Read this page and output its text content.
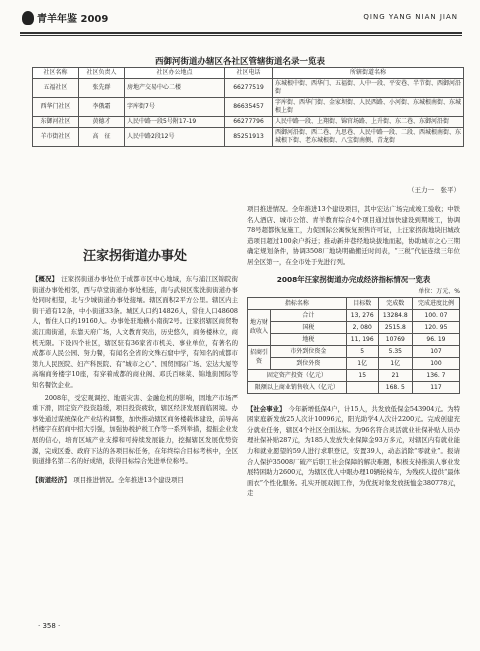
青羊年鉴 2009	QING YANG NIAN JIAN
西御河街道办辖区各社区管辖街道名录一览表
社区名称	社区负责人	社区办公地点	社区电话	所辖街道名称
五福社区	张先群	房地产交易中心二楼	66277519	东城根中街、西华门、五福街、人中一段、平安巷、半节街、西御河沿街
西华门社区	李俄霜	字库街7号	86635457	字库街、西华门街、金家坝街、人民西路、小河街、东城根南街、东城根上街
东御河社区	黄德才	人民中路一段5号附17-19	66277796	人民中路一段、上翔街、锦官场路、上升街、东二巷、东御河沿街
羊市街社区	高　征	人民中路2段12号	85251913	西御河沿街、西二巷、九思巷、人民中路一段、二段、西城根南街、东城根下街、老东城根街、八宝街南侧、青龙街
（王力一　张平）
汪家拐街道办事处

【概况】 汪家拐街道办事处位于成都市区中心地域，东与浦江区锦院街街道办事处相邻，西与草堂街道办事处相连，南与武侯区浆洗街街道办事处同时相望，北与少城街道办事处接壤。辖区面积2平方公里。辖区内主街干道有12条，中小街道33条。城区人口约14826人，常住人口48608人，暂住人口约19160人。办事处驻地横小南街2号。汪家拐辖区商贸物流江南街道，东靠天府广场，人文教育突出，历史悠久，商务楼林立，商机无限。下设四个社区，辖区驻有36家省市机关、事业单位，有著名的成都市人民公园、努力餐，有闻名全省的文殊石窟中学，有知名的成都市第九人民医院、妇产科医院、有“城市之心”、国贸国际广场、宏达大厦等高端商务楼宇10座，有穿着成都的商业阁、邓氏百味菜、锦地街国际等知名餐饮企业。

2008年，受宏观调控、地震灾害、金融危机的影响，固地产市场严重下滑，固定资产投资趋缓，项目投资疲软，辖区经济发展面临困境。办事处通过谋统保化产业结构调整，加快推动辖区商务楼载体建设，前导高档楼宇在招商中招大引强，加强协税护税工作等一系列举措，提振企业发展的信心，培育区域产业支撑和可持续发展能力，挖掘辖区发展优势资源，完成区委、政府下达的各项目标任务，在年终综合目标考核中，全区街道排名第二名的好成绩，获得目标综合先进单位称号。

【街道经济】 项目推进情况。全年推进13个建设项目

项目推进情况。全年推进13个建设项目，其中宏达广场完成竣工验收；中铁名人酒店、城市公馆、青羊教育综合4个项目通过加快建设到期竣工，协调78号超都恢复施工，力促国际公寓恢复预售许可证，上汪家拐街地块旧城改造项目超过100余户拆迁；推动新井巷经地块拔地而起，协助城市之心三期确定规划条件，协调3508厂地块明确搬迁时间表，“三税”代征连续三年位居全区第一，在全市处于先进行列。

2008年汪家拐街道办完成经济指标情况一览表
单位：万元、%
指标名称		目标数	完成数	完成进度比例
地方财政收入	合计	13, 276	13284.8	100. 07
	国税	2, 080	2515.8	120. 95
	地税	11, 196	10769	96. 19
招商引资	市外到位资金	5	5.35	107
	到位外资	1亿	1亿	100
固定资产投资（亿元）		15	21	136. 7
限额以上商业销售收入（亿元）			168. 5	117

【社会事业】 今年新增低保4户，计15人，共发放低保金543904元。为特困家庭新发放25人次计10096元，阳光助学4人次计2200元。完成创建充分就业任务，辖区4个社区全面达标。为96名符合灵活就业社保补贴人员办理社保补贴287元，为185人发放失业保障金93万多元，对辖区内有就业能力和就业愿望的59人进行求职登记，安置39人，动态消除“零就业”。报请合人保护35008厂破产后职工社会保障的解决难题，积极支持推演人事业发展特困助力2600元，为辖区优人中眼办理10辆轮椅车，为残疾人提供“最体面衣”个性化服务。孔实开展双拥工作，为优抚对象发放抚恤金380778元，走

· 358 ·
